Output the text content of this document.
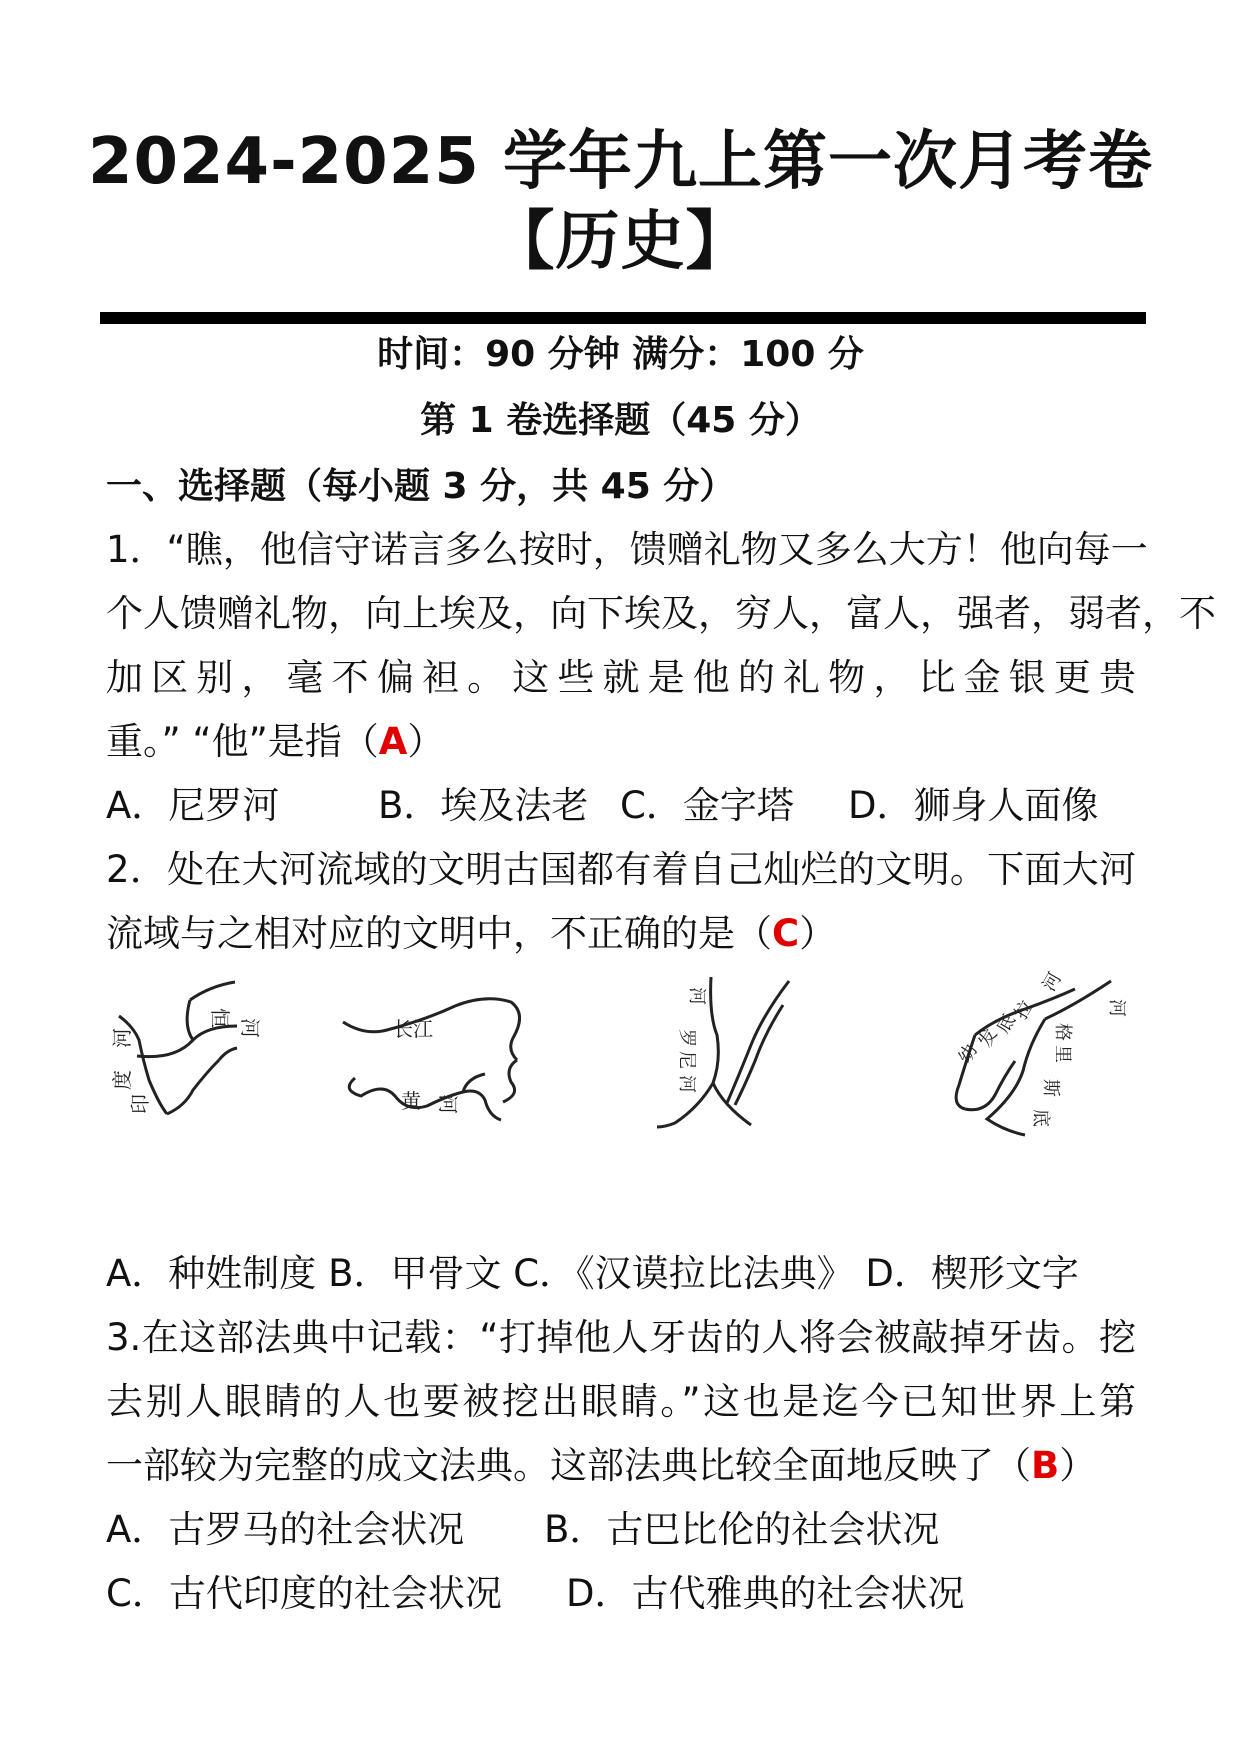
2024-2025 学年九上第一次月考卷
【历史】
时间：90 分钟 满分：100 分
第 1 卷选择题（45 分）
一、选择题（每小题 3 分，共 45 分）
1．“瞧，他信守诺言多么按时，馈赠礼物又多么大方！他向每一
个人馈赠礼物，向上埃及，向下埃及，穷人，富人，强者，弱者，不
加区别，毫不偏袒。这些就是他的礼物，比金银更贵
重。” “他”是指（A）
A．尼罗河	B．埃及法老 C．金字塔 D．狮身人面像
2．处在大河流域的文明古国都有着自己灿烂的文明。下面大河
流域与之相对应的文明中，不正确的是（C）
河
恒
河
印
度
长江
黄 河
河
罗
尼
河
河
拉
底
发
幼
格
里
斯
河
底
A．种姓制度 B．甲骨文 C．《汉谟拉比法典》 D．楔形文字
3.在这部法典中记载：“打掉他人牙齿的人将会被敲掉牙齿。挖
去别人眼睛的人也要被挖出眼睛。”这也是迄今已知世界上第
一部较为完整的成文法典。这部法典比较全面地反映了（B）
A．古罗马的社会状况 B．古巴比伦的社会状况
C．古代印度的社会状况 D．古代雅典的社会状况
